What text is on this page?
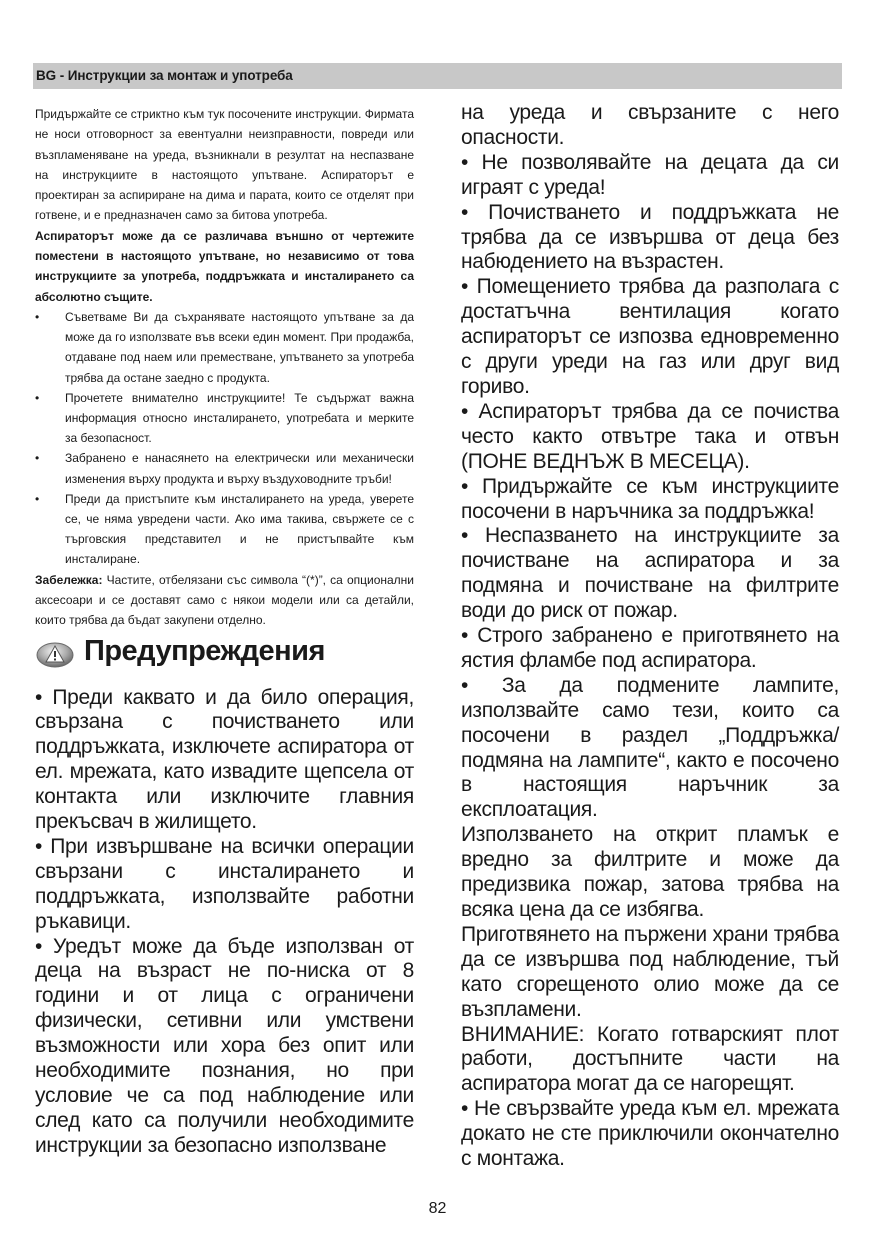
BG - Инструкции за монтаж и употреба

Придържайте се стриктно към тук посочените инструкции. Фирмата не носи отговорност за евентуални неизправности, повреди или възпламеняване на уреда, възникнали в резултат на неспазване на инструкциите в настоящото упътване. Аспираторът е проектиран за аспириране на дима и парата, които се отделят при готвене, и е предназначен само за битова употреба.

Аспираторът може да се различава външно от чертежите поместени в настоящото упътване, но независимо от това инструкциите за употреба, поддръжката и инсталирането са абсолютно същите.

• Съветваме Ви да съхранявате настоящото упътване за да може да го използвате във всеки един момент. При продажба, отдаване под наем или преместване, упътването за употреба трябва да остане заедно с продукта.
• Прочетете внимателно инструкциите! Те съдържат важна информация относно инсталирането, употребата и мерките за безопасност.
• Забранено е нанасянето на електрически или механически изменения върху продукта и върху въздуховодните тръби!
• Преди да пристъпите към инсталирането на уреда, уверете се, че няма увредени части. Ако има такива, свържете се с търговския представител и не пристъпвайте към инсталиране.

Забележка: Частите, отбелязани със символа “(*)”, са опционални аксесоари и се доставят само с някои модели или са детайли, които трябва да бъдат закупени отделно.

Предупреждения

• Преди каквато и да било операция, свързана с почистването или поддръжката, изключете аспиратора от ел. мрежата, като извадите щепсела от контакта или изключите главния прекъсвач в жилището.

• При извършване на всички операции свързани с инсталирането и поддръжката, използвайте работни ръкавици.

• Уредът може да бъде използван от деца на възраст не по-ниска от 8 години и от лица с ограничени физически, сетивни или умствени възможности или хора без опит или необходимите познания, но при условие че са под наблюдение или след като са получили необходимите инструкции за безопасно използване

на уреда и свързаните с него опасности.

• Не позволявайте на децата да си играят с уреда!

• Почистването и поддръжката не трябва да се извършва от деца без набюдението на възрастен.

• Помещението трябва да разполага с достатъчна вентилация когато аспираторът се изпозва едновременно с други уреди на газ или друг вид гориво.

• Аспираторът трябва да се почиства често както отвътре така и отвън (ПОНЕ ВЕДНЪЖ В МЕСЕЦА).

• Придържайте се към инструкциите посочени в наръчника за поддръжка!

• Неспазването на инструкциите за почистване на аспиратора и за подмяна и почистване на филтрите води до риск от пожар.

• Строго забранено е приготвянето на ястия фламбе под аспиратора.

• За да подмените лампите, използвайте само тези, които са посочени в раздел „Поддръжка/подмяна на лампите“, както е посочено в настоящия наръчник за експлоатация.

Използването на открит пламък е вредно за филтрите и може да предизвика пожар, затова трябва на всяка цена да се избягва.

Приготвянето на пържени храни трябва да се извършва под наблюдение, тъй като сгорещеното олио може да се възпламени.

ВНИМАНИЕ: Когато готварският плот работи, достъпните части на аспиратора могат да се нагорещят.

• Не свързвайте уреда към ел. мрежата докато не сте приключили окончателно с монтажа.

82
